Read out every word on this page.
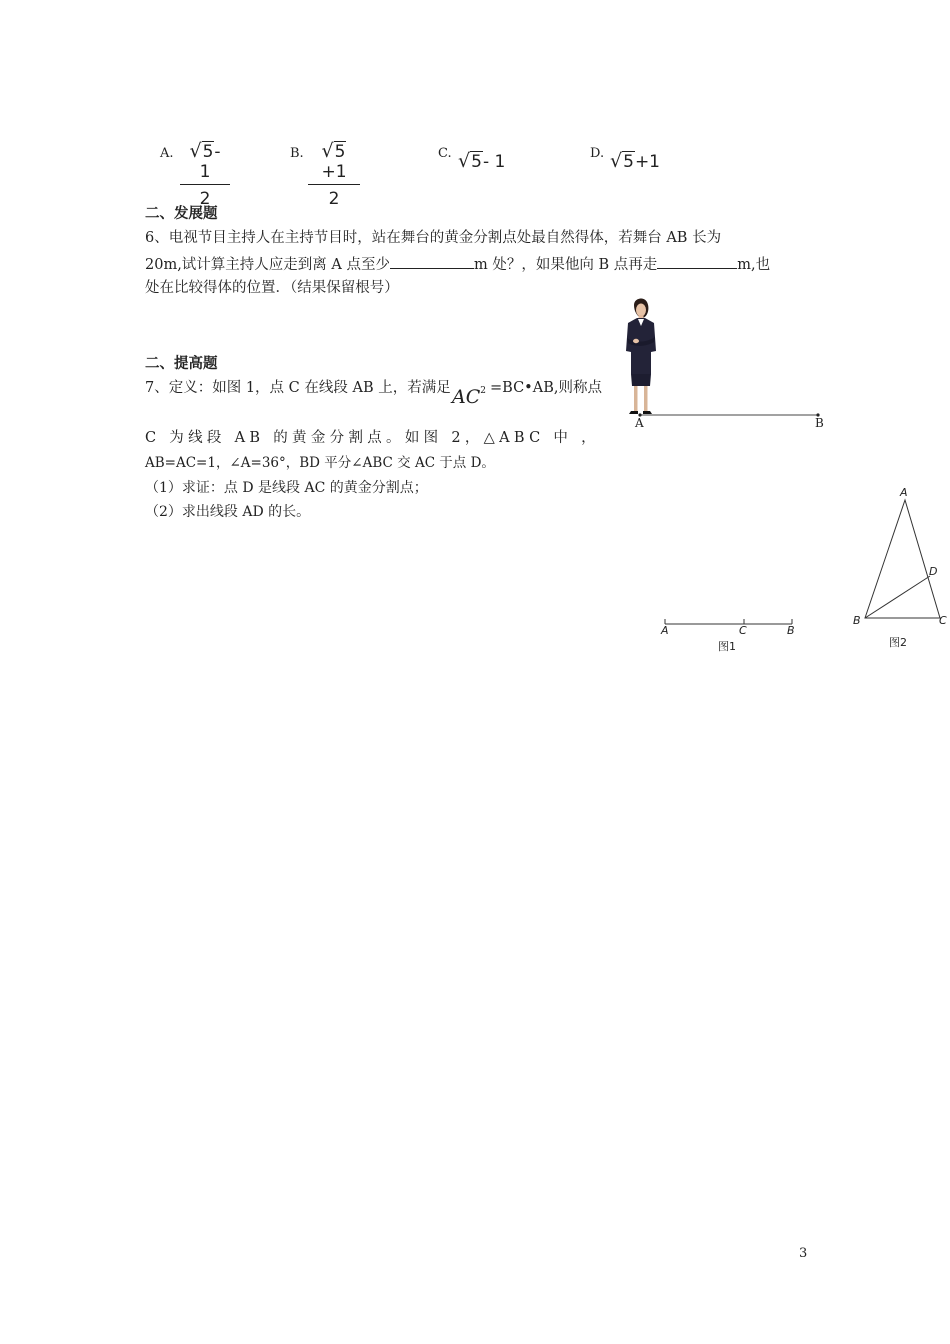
A. $\frac{√5- 1}{2}$	B. $\frac{√5+1}{2}$	C. √5- 1	D. √5+1
二、发展题
6、电视节目主持人在主持节目时，站在舞台的黄金分割点处最自然得体，若舞台 AB 长为
20m,试计算主持人应走到离 A 点至少	m 处？，如果他向 B 点再走	m,也
处在比较得体的位置．（结果保留根号）
A	B
二、提高题
7、定义：如图 1，点 C 在线段 AB 上，若满足 $AC^2$ =BC•AB,则称点
C 为线段 AB 的黄金分割点。如图 2，△ABC 中 ，
AB=AC=1，∠A=36°，BD 平分∠ABC 交 AC 于点 D。
（1）求证：点 D 是线段 AC 的黄金分割点；
（2）求出线段 AD 的长。
A	C	B
图1
A
B	C
D
图2
3
